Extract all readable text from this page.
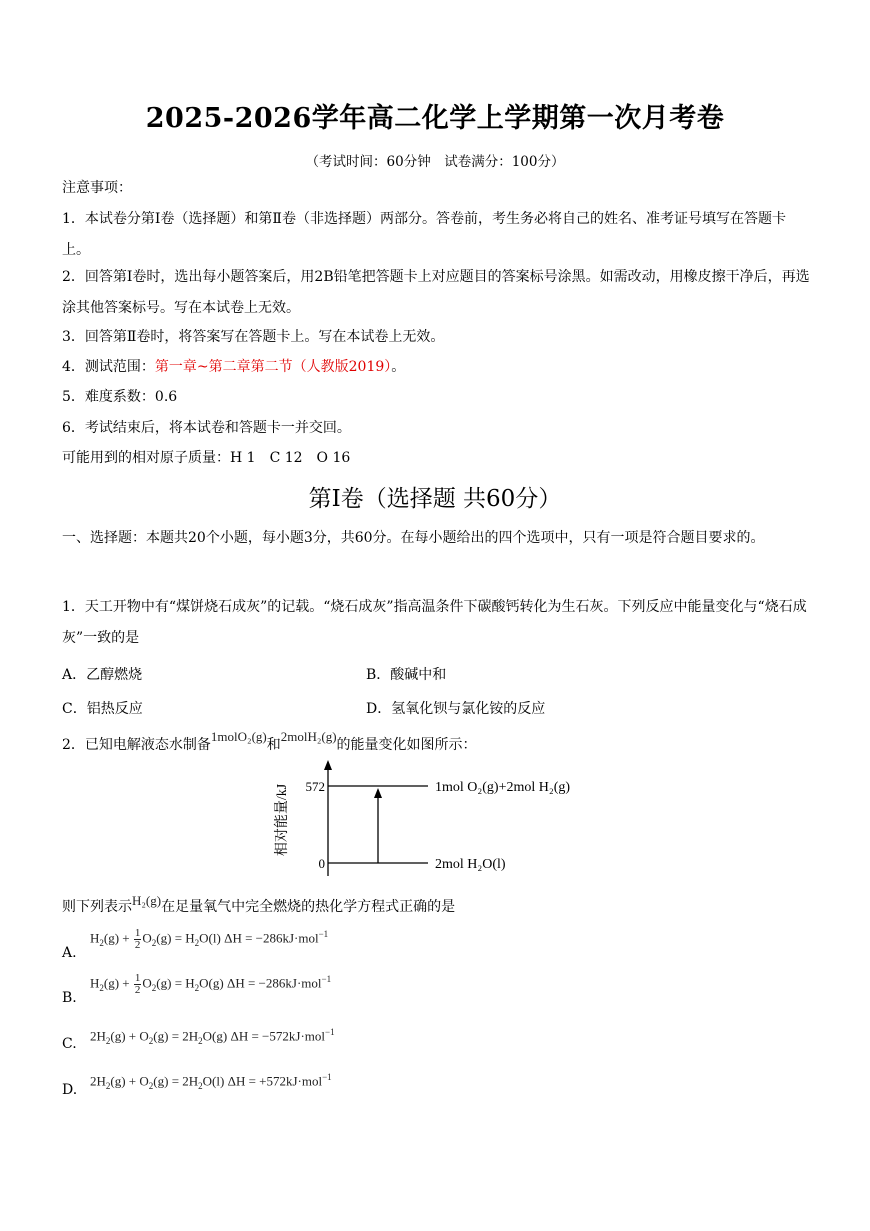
2025-2026学年高二化学上学期第一次月考卷
（考试时间：60分钟　试卷满分：100分）
注意事项：
1．本试卷分第Ⅰ卷（选择题）和第Ⅱ卷（非选择题）两部分。答卷前，考生务必将自己的姓名、准考证号填写在答题卡上。
2．回答第Ⅰ卷时，选出每小题答案后，用2B铅笔把答题卡上对应题目的答案标号涂黑。如需改动，用橡皮擦干净后，再选涂其他答案标号。写在本试卷上无效。
3．回答第Ⅱ卷时，将答案写在答题卡上。写在本试卷上无效。
4．测试范围：第一章~第二章第二节（人教版2019）。
5．难度系数：0.6
6．考试结束后，将本试卷和答题卡一并交回。
可能用到的相对原子质量：H 1　C 12　O 16
第Ⅰ卷（选择题 共60分）
一、选择题：本题共20个小题，每小题3分，共60分。在每小题给出的四个选项中，只有一项是符合题目要求的。
1．天工开物中有“煤饼烧石成灰”的记载。“烧石成灰”指高温条件下碳酸钙转化为生石灰。下列反应中能量变化与“烧石成灰”一致的是
A．乙醇燃烧	B．酸碱中和
C．铝热反应	D．氢氧化钡与氯化铵的反应
2．已知电解液态水制备1molO₂(g)和2molH₂(g)的能量变化如图所示：
相对能量/kJ 572
0
1mol O₂(g)+2mol H₂(g)
2mol H₂O(l)
则下列表示H₂(g)在足量氧气中完全燃烧的热化学方程式正确的是
A.
$H_2(g) + \frac{1}{2} O_2(g) = H_2O(l) \Delta H = -286kJ\cdot mol^{-1}$
B.
$H_2(g) + \frac{1}{2} O_2(g) = H_2O(g) \Delta H = -286kJ\cdot mol^{-1}$
C.
$2H_2(g) + O_2(g) = 2H_2O(g) \Delta H = -572kJ\cdot mol^{-1}$
D.
$2H_2(g) + O_2(g) = 2H_2O(l) \Delta H = +572kJ\cdot mol^{-1}$
